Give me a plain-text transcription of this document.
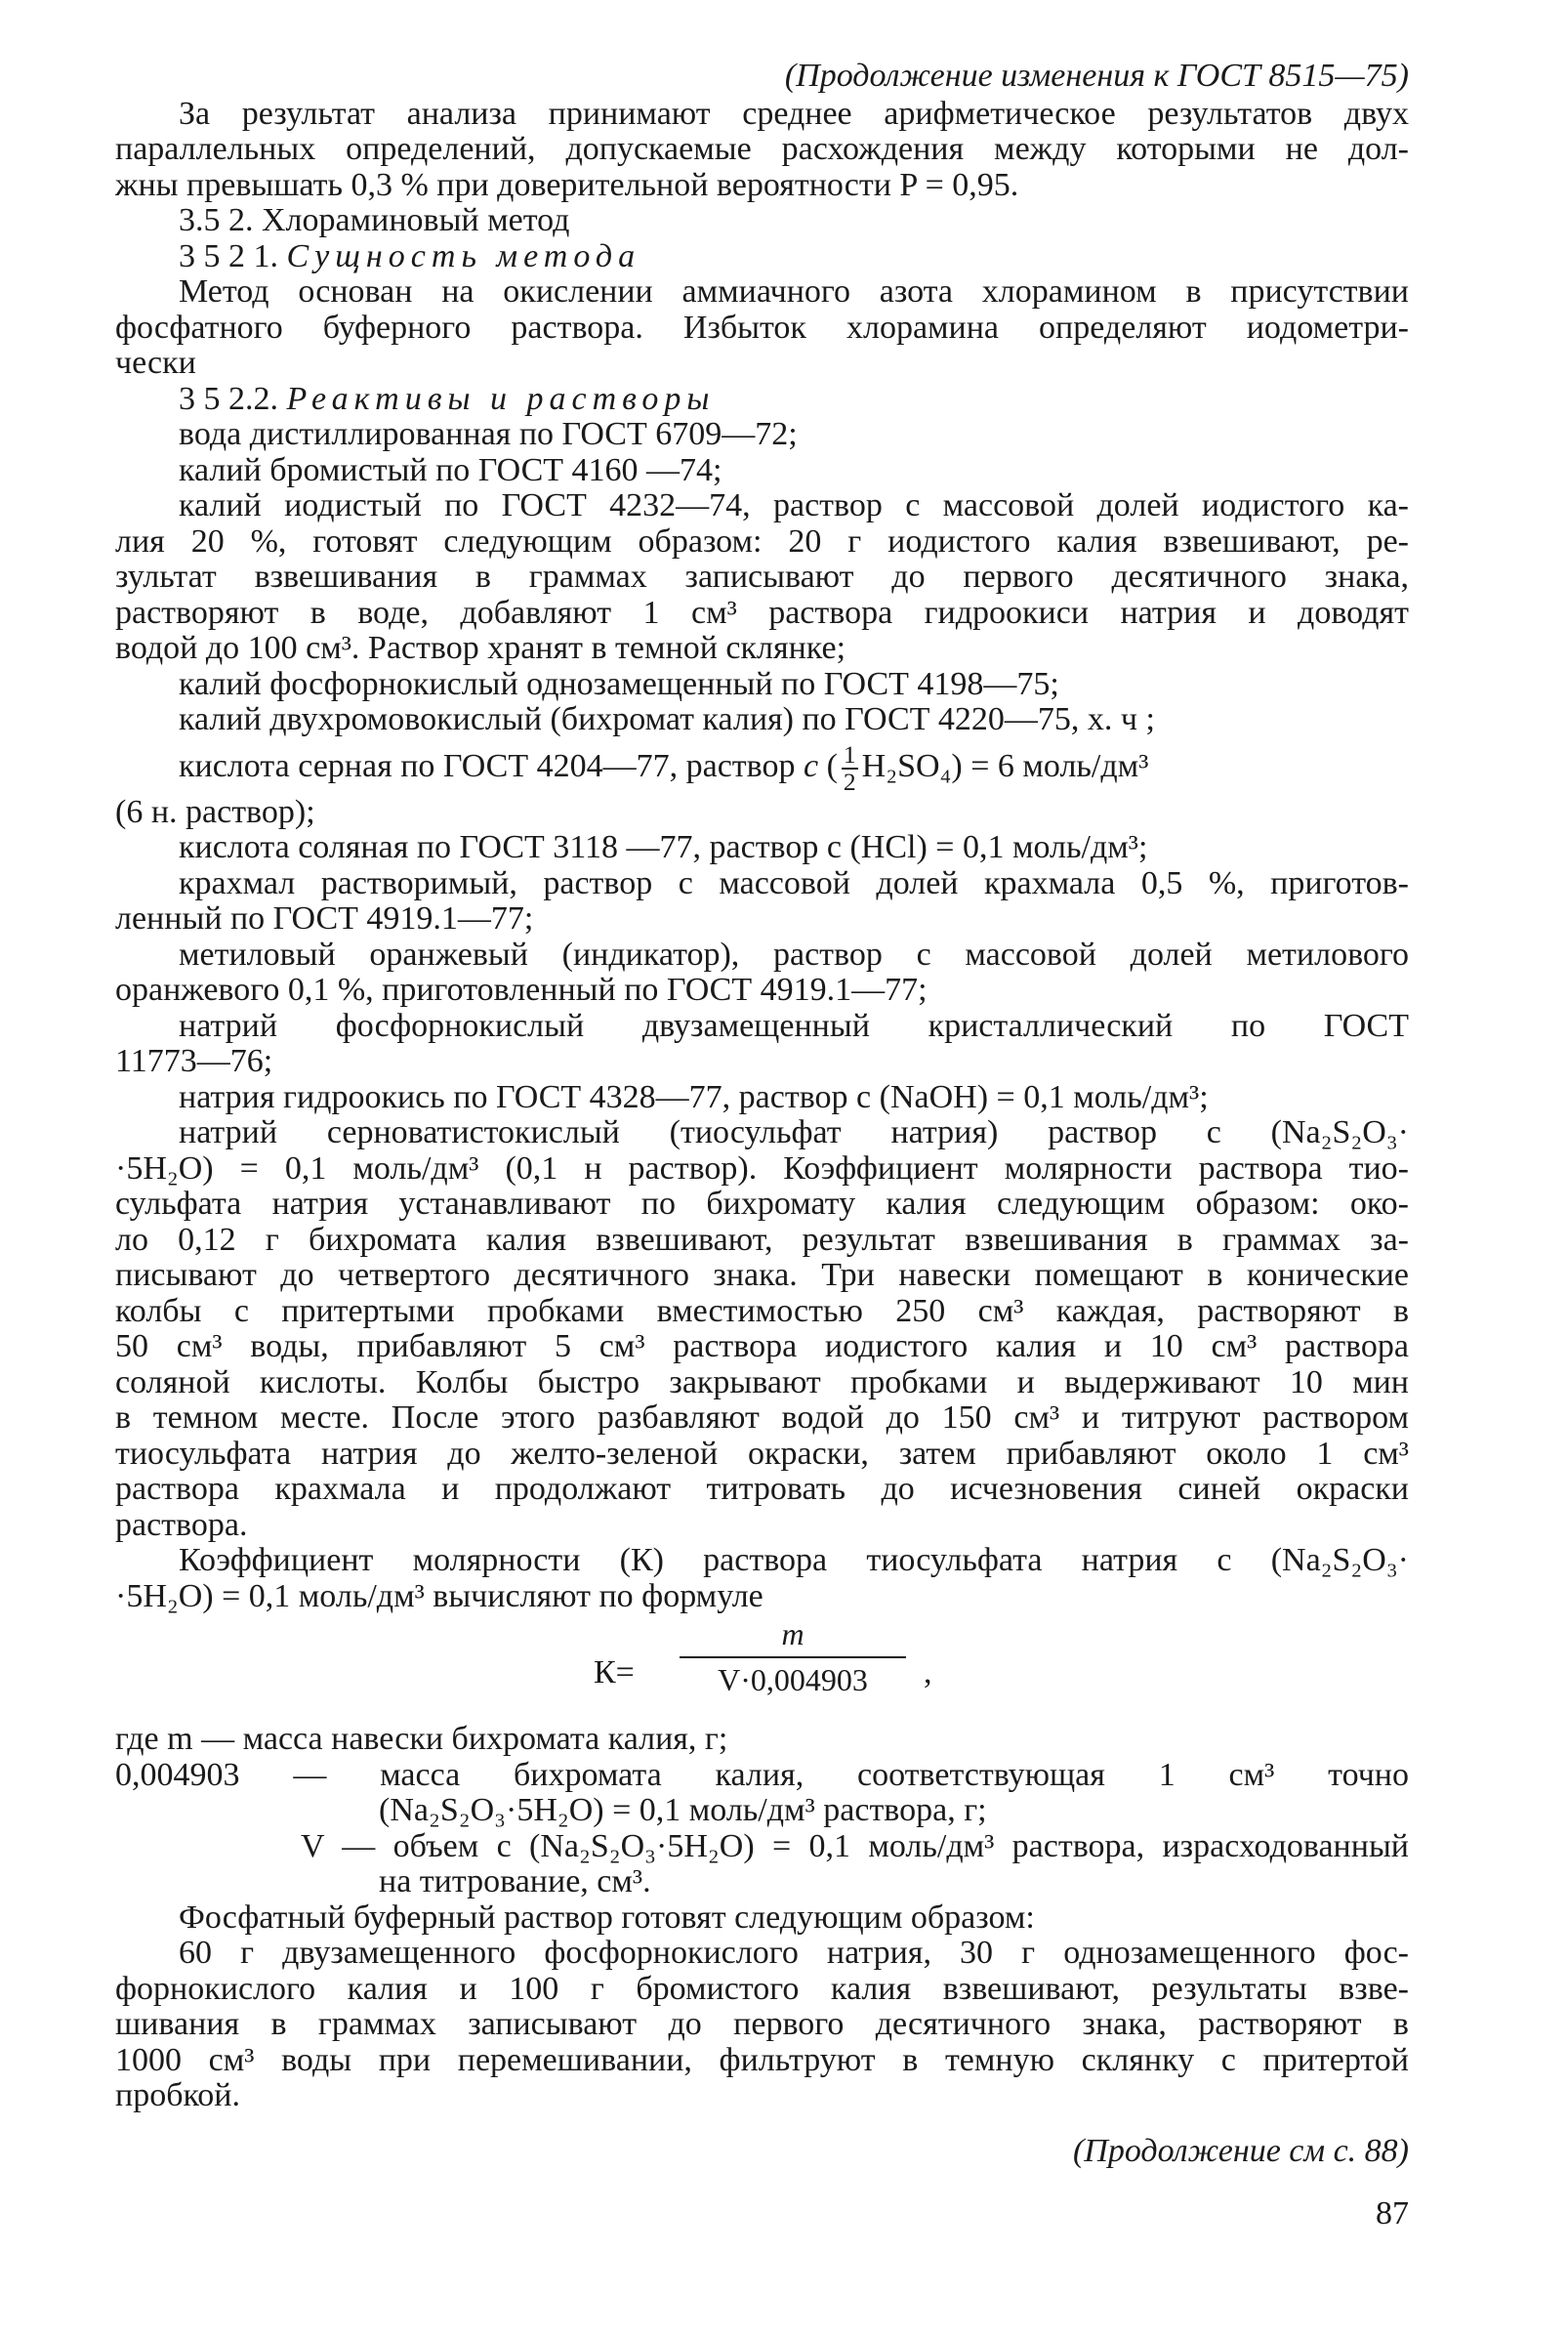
(Продолжение изменения к ГОСТ 8515—75)
За результат анализа принимают среднее арифметическое результатов двух
параллельных определений, допускаемые расхождения между которыми не дол-
жны превышать 0,3 % при доверительной вероятности P = 0,95.
3.5 2. Хлораминовый метод
3 5 2 1. Сущность метода
Метод основан на окислении аммиачного азота хлорамином в присутствии
фосфатного буферного раствора. Избыток хлорамина определяют иодометри-
чески
3 5 2.2. Реактивы и растворы
вода дистиллированная по ГОСТ 6709—72;
калий бромистый по ГОСТ 4160 —74;
калий иодистый по ГОСТ 4232—74, раствор с массовой долей иодистого ка-
лия 20 %, готовят следующим образом: 20 г иодистого калия взвешивают, ре-
зультат взвешивания в граммах записывают до первого десятичного знака,
растворяют в воде, добавляют 1 см³ раствора гидроокиси натрия и доводят
водой до 100 см³. Раствор хранят в темной склянке;
калий фосфорнокислый однозамещенный по ГОСТ 4198—75;
калий двухромовокислый (бихромат калия) по ГОСТ 4220—75, х. ч ;
кислота серная по ГОСТ 4204—77, раствор c ( $\frac{1}{2} H_2SO_4) = 6$ моль/дм³
(6 н. раствор);
кислота соляная по ГОСТ 3118 —77, раствор с (HCl) = 0,1 моль/дм³;
крахмал растворимый, раствор с массовой долей крахмала 0,5 %, приготов-
ленный по ГОСТ 4919.1—77;
метиловый оранжевый (индикатор), раствор с массовой долей метилового
оранжевого 0,1 %, приготовленный по ГОСТ 4919.1—77;
натрий фосфорнокислый двузамещенный кристаллический по ГОСТ
11773—76;
натрия гидроокись по ГОСТ 4328—77, раствор с (NaOH) = 0,1 моль/дм³;
натрий серноватистокислый (тиосульфат натрия) раствор с (Na₂S₂O₃·
·5H₂O) = 0,1 моль/дм³ (0,1 н раствор). Коэффициент молярности раствора тио-
сульфата натрия устанавливают по бихромату калия следующим образом: око-
ло 0,12 г бихромата калия взвешивают, результат взвешивания в граммах за-
писывают до четвертого десятичного знака. Три навески помещают в конические
колбы с притертыми пробками вместимостью 250 см³ каждая, растворяют в
50 см³ воды, прибавляют 5 см³ раствора иодистого калия и 10 см³ раствора
соляной кислоты. Колбы быстро закрывают пробками и выдерживают 10 мин
в темном месте. После этого разбавляют водой до 150 см³ и титруют раствором
тиосульфата натрия до желто-зеленой окраски, затем прибавляют около 1 см³
раствора крахмала и продолжают титровать до исчезновения синей окраски
раствора.
Коэффициент молярности (К) раствора тиосульфата натрия с (Na₂S₂O₃·
·5H₂O) = 0,1 моль/дм³ вычисляют по формуле
$К= \frac{m}{V\cdot 0,004903}$ ,
где m — масса навески бихромата калия, г;
0,004903 — масса бихромата калия, соответствующая 1 см³ точно
(Na₂S₂O₃·5H₂O) = 0,1 моль/дм³ раствора, г;
V — объем с (Na₂S₂O₃·5H₂O) = 0,1 моль/дм³ раствора, израсходованный
на титрование, см³.
Фосфатный буферный раствор готовят следующим образом:
60 г двузамещенного фосфорнокислого натрия, 30 г однозамещенного фос-
форнокислого калия и 100 г бромистого калия взвешивают, результаты взве-
шивания в граммах записывают до первого десятичного знака, растворяют в
1000 см³ воды при перемешивании, фильтруют в темную склянку с притертой
пробкой.
(Продолжение см с. 88)
87
